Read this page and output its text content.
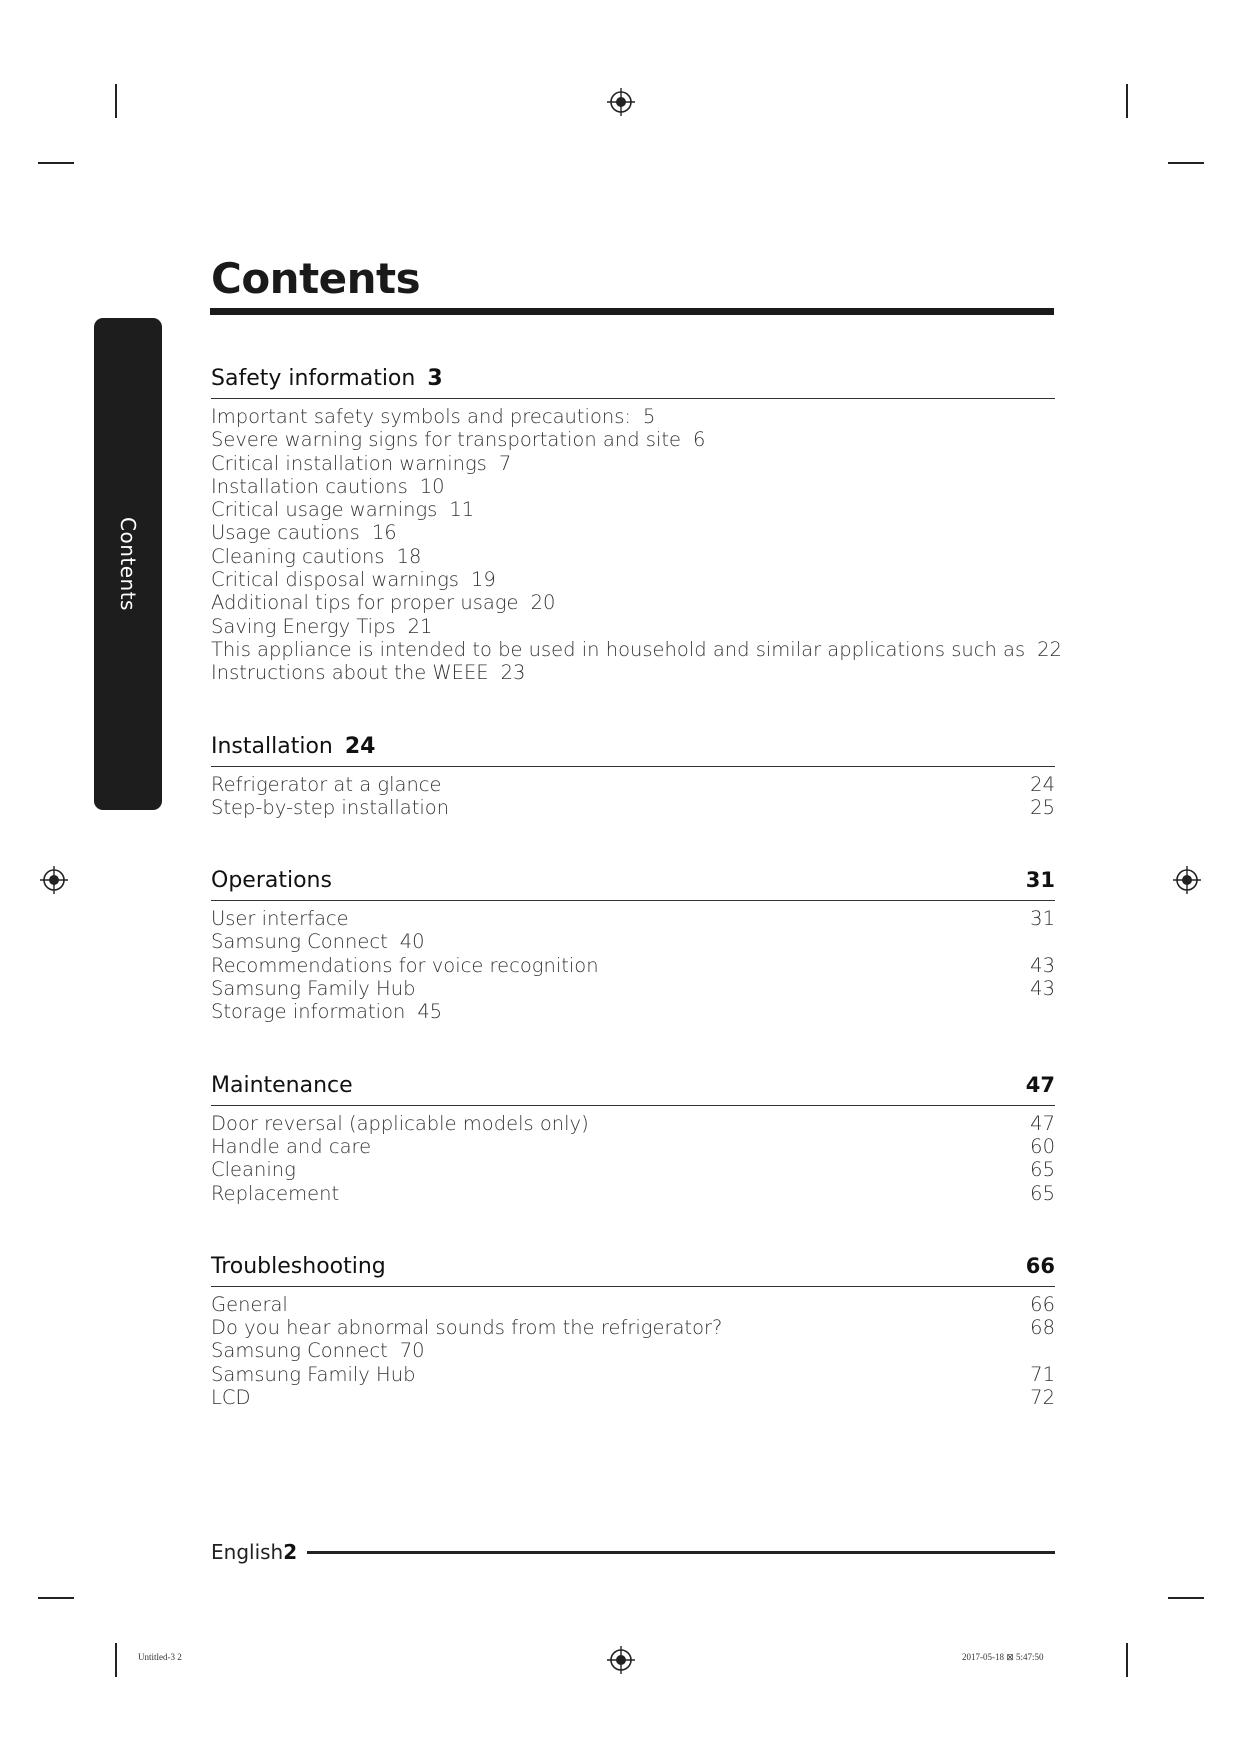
Contents
Contents
Safety information 3
Important safety symbols and precautions: 5
Severe warning signs for transportation and site 6
Critical installation warnings 7
Installation cautions 10
Critical usage warnings 11
Usage cautions 16
Cleaning cautions 18
Critical disposal warnings 19
Additional tips for proper usage 20
Saving Energy Tips 21
This appliance is intended to be used in household and similar applications such as 22
Instructions about the WEEE 23
Installation 24
Refrigerator at a glance	24
Step-by-step installation	25
Operations	31
User interface	31
Samsung Connect 40
Recommendations for voice recognition	43
Samsung Family Hub	43
Storage information 45
Maintenance	47
Door reversal (applicable models only)	47
Handle and care	60
Cleaning	65
Replacement	65
Troubleshooting	66
General	66
Do you hear abnormal sounds from the refrigerator?	68
Samsung Connect 70
Samsung Family Hub	71
LCD	72
English 2
Untitled-3 2	2017-05-18 ⊠ 5:47:50
